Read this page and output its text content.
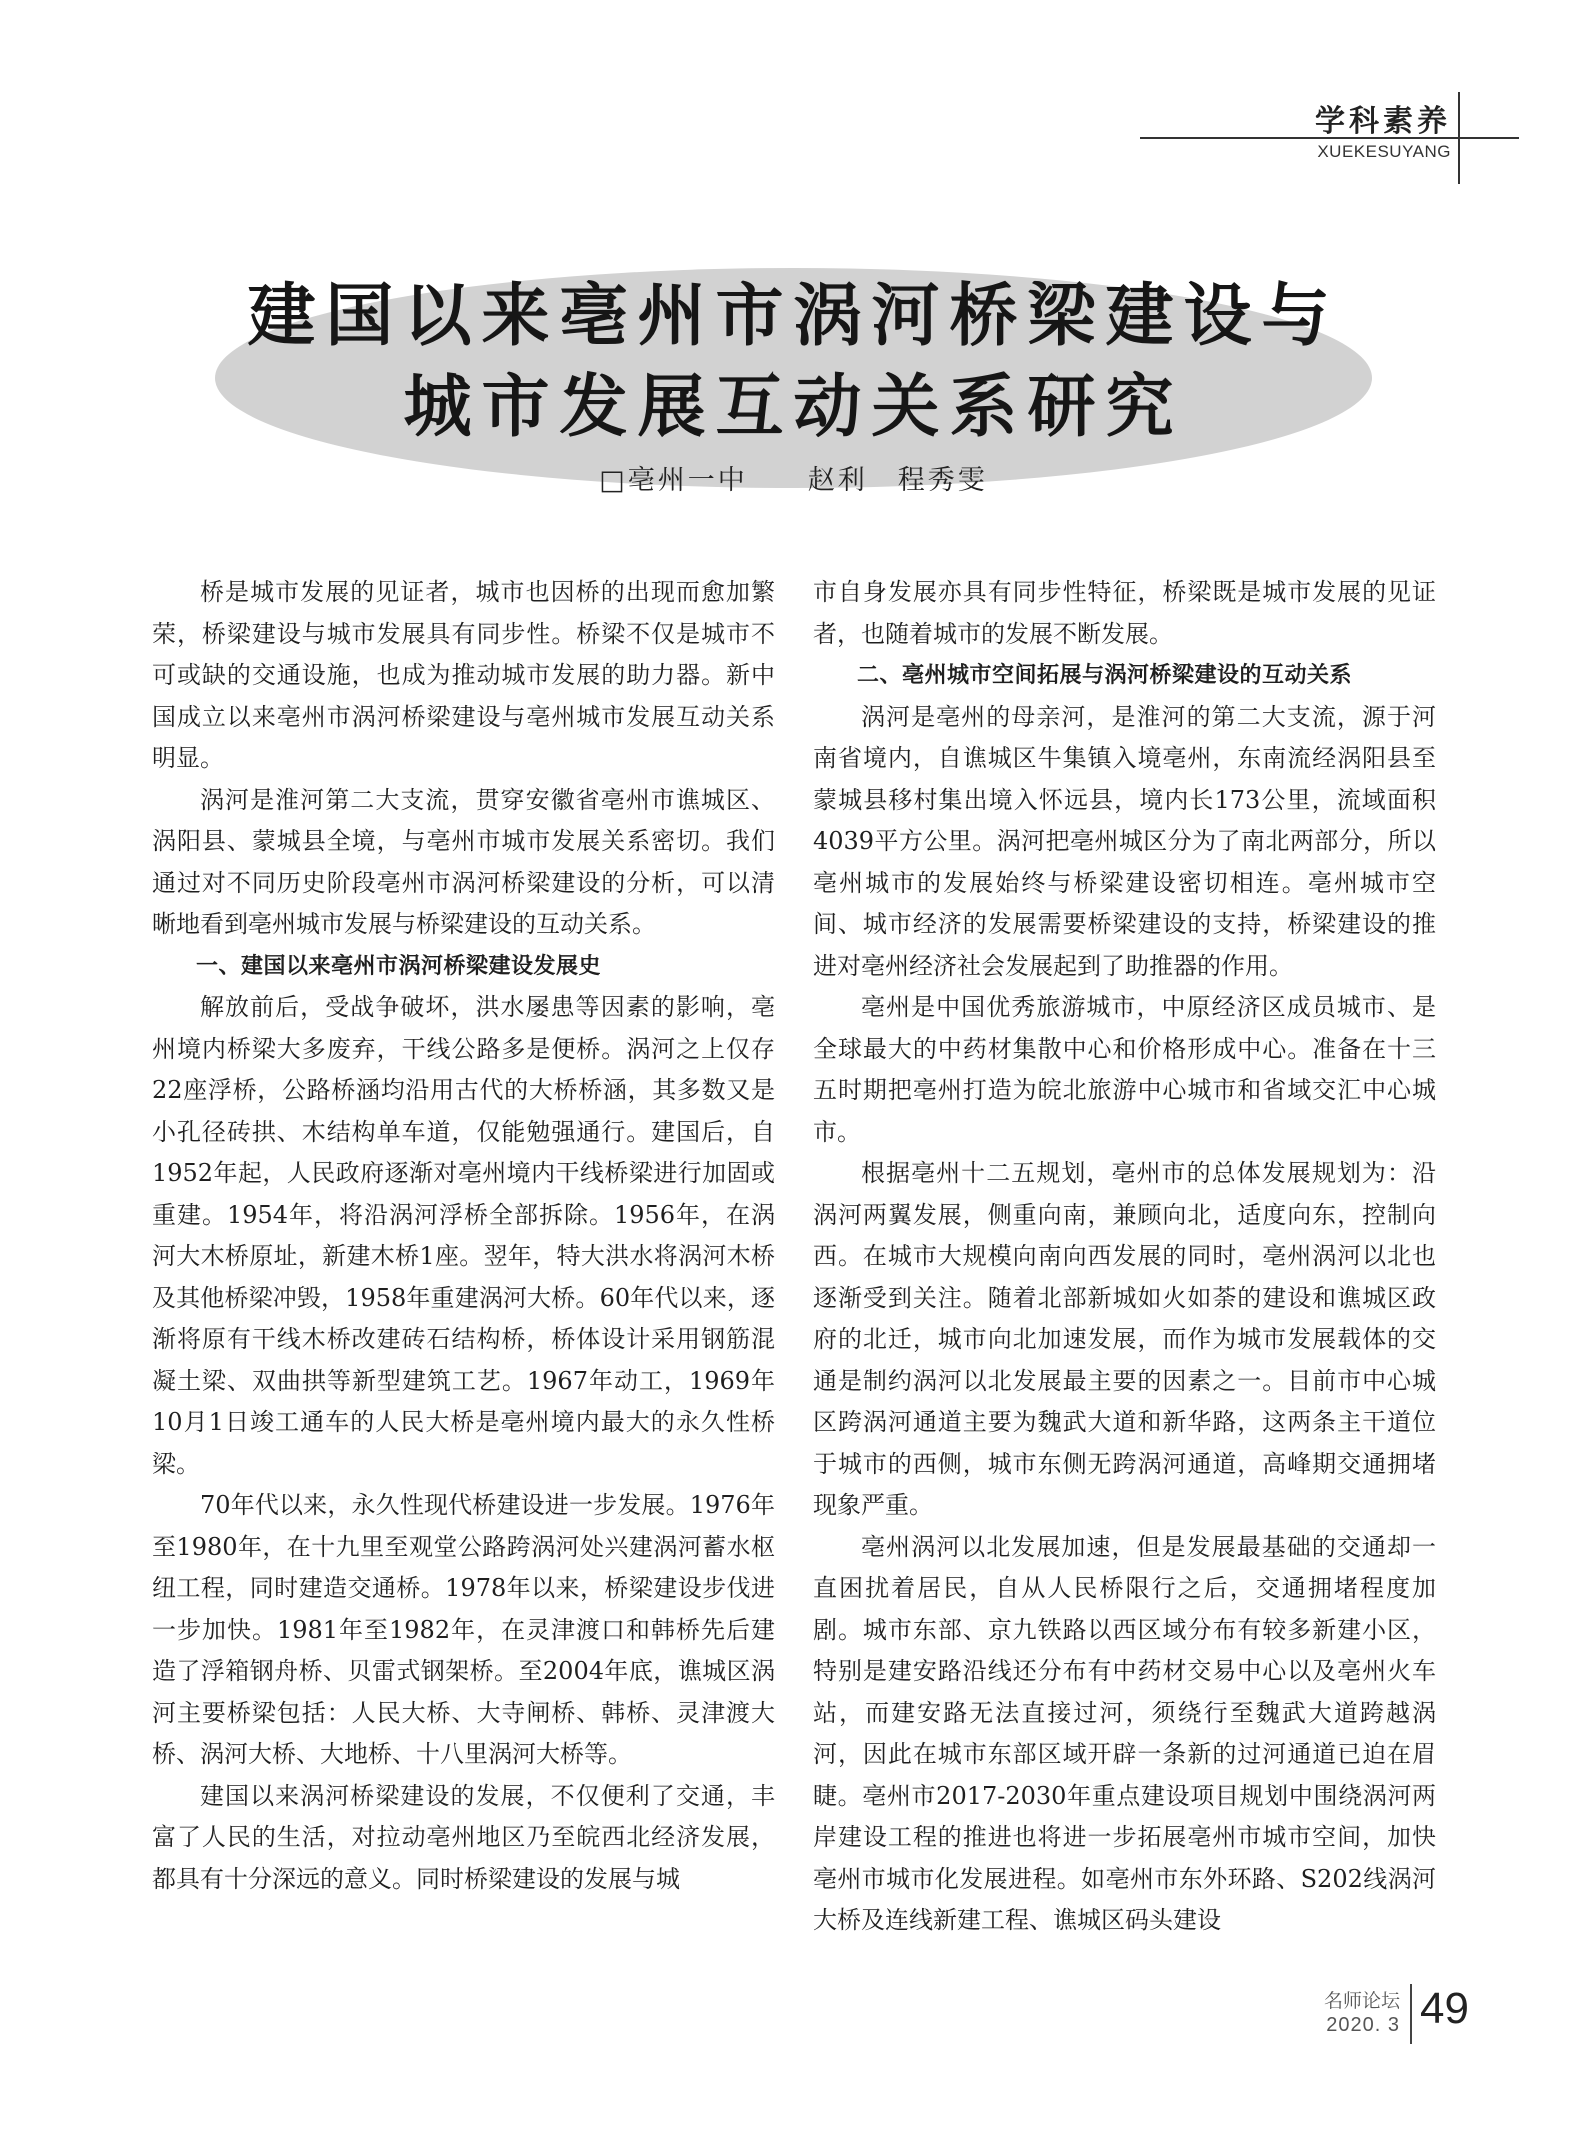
学科素养
XUEKESUYANG
建国以来亳州市涡河桥梁建设与
城市发展互动关系研究
□亳州一中　　赵利　程秀雯

桥是城市发展的见证者，城市也因桥的出现而愈加繁荣，桥梁建设与城市发展具有同步性。桥梁不仅是城市不可或缺的交通设施，也成为推动城市发展的助力器。新中国成立以来亳州市涡河桥梁建设与亳州城市发展互动关系明显。

涡河是淮河第二大支流，贯穿安徽省亳州市谯城区、涡阳县、蒙城县全境，与亳州市城市发展关系密切。我们通过对不同历史阶段亳州市涡河桥梁建设的分析，可以清晰地看到亳州城市发展与桥梁建设的互动关系。

一、建国以来亳州市涡河桥梁建设发展史

解放前后，受战争破坏，洪水屡患等因素的影响，亳州境内桥梁大多废弃，干线公路多是便桥。涡河之上仅存22座浮桥，公路桥涵均沿用古代的大桥桥涵，其多数又是小孔径砖拱、木结构单车道，仅能勉强通行。建国后，自1952年起，人民政府逐渐对亳州境内干线桥梁进行加固或重建。1954年，将沿涡河浮桥全部拆除。1956年，在涡河大木桥原址，新建木桥1座。翌年，特大洪水将涡河木桥及其他桥梁冲毁，1958年重建涡河大桥。60年代以来，逐渐将原有干线木桥改建砖石结构桥，桥体设计采用钢筋混凝土梁、双曲拱等新型建筑工艺。1967年动工，1969年10月1日竣工通车的人民大桥是亳州境内最大的永久性桥梁。

70年代以来，永久性现代桥建设进一步发展。1976年至1980年，在十九里至观堂公路跨涡河处兴建涡河蓄水枢纽工程，同时建造交通桥。1978年以来，桥梁建设步伐进一步加快。1981年至1982年，在灵津渡口和韩桥先后建造了浮箱钢舟桥、贝雷式钢架桥。至2004年底，谯城区涡河主要桥梁包括：人民大桥、大寺闸桥、韩桥、灵津渡大桥、涡河大桥、大地桥、十八里涡河大桥等。

建国以来涡河桥梁建设的发展，不仅便利了交通，丰富了人民的生活，对拉动亳州地区乃至皖西北经济发展，都具有十分深远的意义。同时桥梁建设的发展与城

市自身发展亦具有同步性特征，桥梁既是城市发展的见证者，也随着城市的发展不断发展。

二、亳州城市空间拓展与涡河桥梁建设的互动关系

涡河是亳州的母亲河，是淮河的第二大支流，源于河南省境内，自谯城区牛集镇入境亳州，东南流经涡阳县至蒙城县移村集出境入怀远县，境内长173公里，流域面积4039平方公里。涡河把亳州城区分为了南北两部分，所以亳州城市的发展始终与桥梁建设密切相连。亳州城市空间、城市经济的发展需要桥梁建设的支持，桥梁建设的推进对亳州经济社会发展起到了助推器的作用。

亳州是中国优秀旅游城市，中原经济区成员城市、是全球最大的中药材集散中心和价格形成中心。准备在十三五时期把亳州打造为皖北旅游中心城市和省域交汇中心城市。

根据亳州十二五规划，亳州市的总体发展规划为：沿涡河两翼发展，侧重向南，兼顾向北，适度向东，控制向西。在城市大规模向南向西发展的同时，亳州涡河以北也逐渐受到关注。随着北部新城如火如荼的建设和谯城区政府的北迁，城市向北加速发展，而作为城市发展载体的交通是制约涡河以北发展最主要的因素之一。目前市中心城区跨涡河通道主要为魏武大道和新华路，这两条主干道位于城市的西侧，城市东侧无跨涡河通道，高峰期交通拥堵现象严重。

亳州涡河以北发展加速，但是发展最基础的交通却一直困扰着居民，自从人民桥限行之后，交通拥堵程度加剧。城市东部、京九铁路以西区域分布有较多新建小区，特别是建安路沿线还分布有中药材交易中心以及亳州火车站，而建安路无法直接过河，须绕行至魏武大道跨越涡河，因此在城市东部区域开辟一条新的过河通道已迫在眉睫。亳州市2017-2030年重点建设项目规划中围绕涡河两岸建设工程的推进也将进一步拓展亳州市城市空间，加快亳州市城市化发展进程。如亳州市东外环路、S202线涡河大桥及连线新建工程、谯城区码头建设

名师论坛
2020. 3 49
